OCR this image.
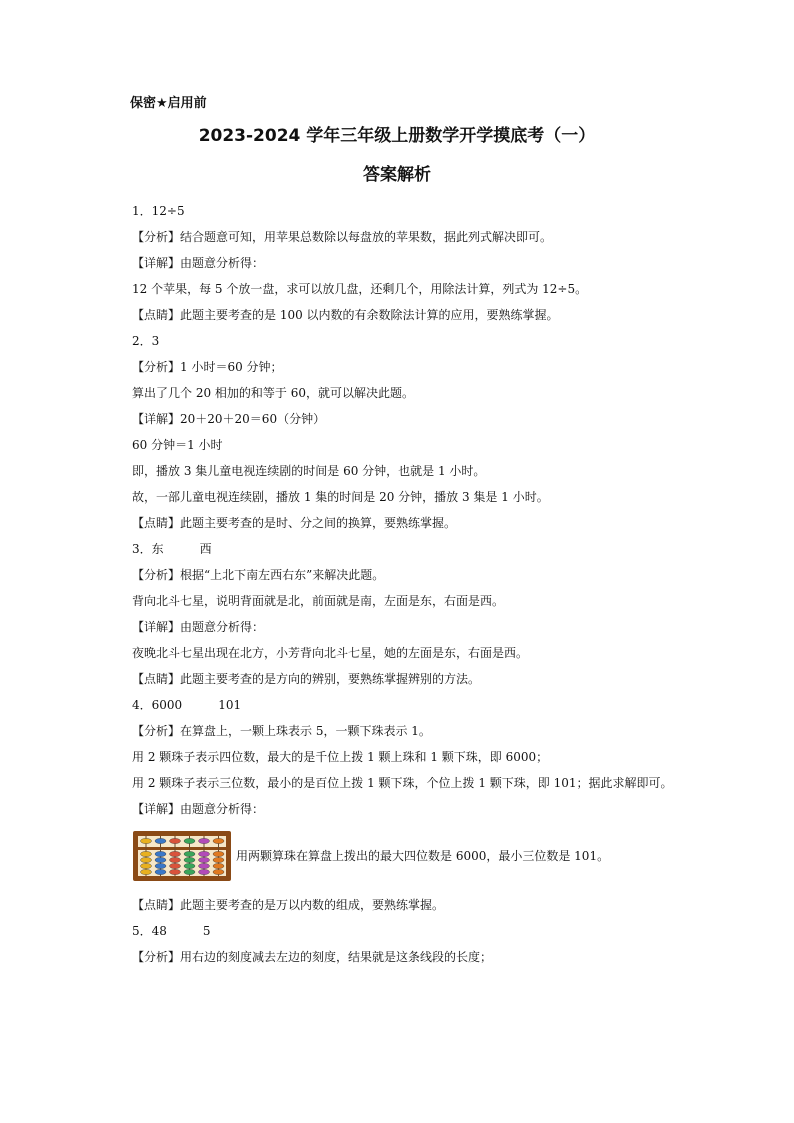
保密★启用前
2023-2024 学年三年级上册数学开学摸底考（一）
答案解析

1．12÷5

【分析】结合题意可知，用苹果总数除以每盘放的苹果数，据此列式解决即可。

【详解】由题意分析得：

12 个苹果，每 5 个放一盘，求可以放几盘，还剩几个，用除法计算，列式为 12÷5。

【点睛】此题主要考查的是 100 以内数的有余数除法计算的应用，要熟练掌握。

2．3

【分析】1 小时＝60 分钟；

算出了几个 20 相加的和等于 60，就可以解决此题。

【详解】20＋20＋20＝60（分钟）

60 分钟＝1 小时

即，播放 3 集儿童电视连续剧的时间是 60 分钟，也就是 1 小时。

故，一部儿童电视连续剧，播放 1 集的时间是 20 分钟，播放 3 集是 1 小时。

【点睛】此题主要考查的是时、分之间的换算，要熟练掌握。

3．东	西

【分析】根据“上北下南左西右东”来解决此题。

背向北斗七星，说明背面就是北，前面就是南，左面是东，右面是西。

【详解】由题意分析得：

夜晚北斗七星出现在北方，小芳背向北斗七星，她的左面是东，右面是西。

【点睛】此题主要考查的是方向的辨别，要熟练掌握辨别的方法。

4．6000	101

【分析】在算盘上，一颗上珠表示 5，一颗下珠表示 1。

用 2 颗珠子表示四位数，最大的是千位上拨 1 颗上珠和 1 颗下珠，即 6000；

用 2 颗珠子表示三位数，最小的是百位上拨 1 颗下珠，个位上拨 1 颗下珠，即 101；据此求解即可。

【详解】由题意分析得：

用两颗算珠在算盘上拨出的最大四位数是 6000，最小三位数是 101。

【点睛】此题主要考查的是万以内数的组成，要熟练掌握。

5．48	5

【分析】用右边的刻度减去左边的刻度，结果就是这条线段的长度；
